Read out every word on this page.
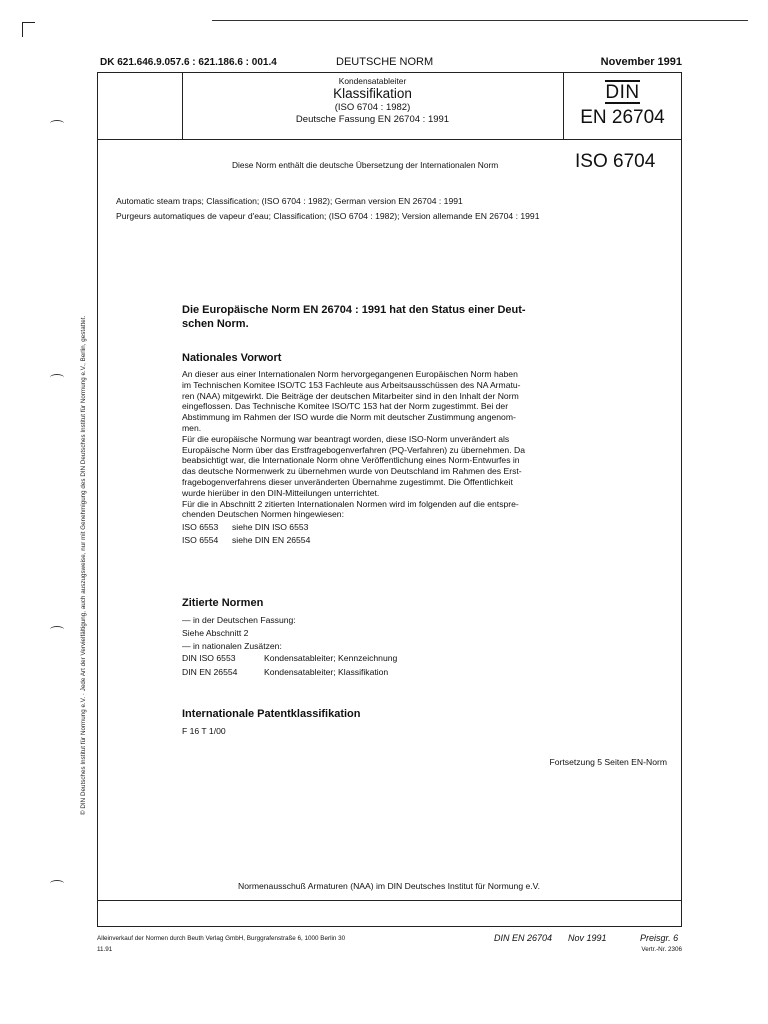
DK 621.646.9.057.6 : 621.186.6 : 001.4	DEUTSCHE NORM	November 1991
Kondensatableiter
Klassifikation
(ISO 6704 : 1982)
Deutsche Fassung EN 26704 : 1991
DIN
EN 26704
Diese Norm enthält die deutsche Übersetzung der Internationalen Norm	ISO 6704
Automatic steam traps; Classification; (ISO 6704 : 1982); German version EN 26704 : 1991
Purgeurs automatiques de vapeur d'eau; Classification; (ISO 6704 : 1982); Version allemande EN 26704 : 1991
Die Europäische Norm EN 26704 : 1991 hat den Status einer Deut-
schen Norm.
Nationales Vorwort
An dieser aus einer Internationalen Norm hervorgegangenen Europäischen Norm haben
im Technischen Komitee ISO/TC 153 Fachleute aus Arbeitsausschüssen des NA Armatu-
ren (NAA) mitgewirkt. Die Beiträge der deutschen Mitarbeiter sind in den Inhalt der Norm
eingeflossen. Das Technische Komitee ISO/TC 153 hat der Norm zugestimmt. Bei der
Abstimmung im Rahmen der ISO wurde die Norm mit deutscher Zustimmung angenom-
men.
Für die europäische Normung war beantragt worden, diese ISO-Norm unverändert als
Europäische Norm über das Erstfragebogenverfahren (PQ-Verfahren) zu übernehmen. Da
beabsichtigt war, die Internationale Norm ohne Veröffentlichung eines Norm-Entwurfes in
das deutsche Normenwerk zu übernehmen wurde von Deutschland im Rahmen des Erst-
fragebogenverfahrens dieser unveränderten Übernahme zugestimmt. Die Öffentlichkeit
wurde hierüber in den DIN-Mitteilungen unterrichtet.
Für die in Abschnitt 2 zitierten Internationalen Normen wird im folgenden auf die entspre-
chenden Deutschen Normen hingewiesen:
ISO 6553 siehe DIN ISO 6553
ISO 6554 siehe DIN EN 26554
Zitierte Normen
— in der Deutschen Fassung:
Siehe Abschnitt 2
— in nationalen Zusätzen:
DIN ISO 6553	Kondensatableiter; Kennzeichnung
DIN EN 26554	Kondensatableiter; Klassifikation
Internationale Patentklassifikation
F 16 T 1/00
Fortsetzung 5 Seiten EN-Norm
Normenausschuß Armaturen (NAA) im DIN Deutsches Institut für Normung e.V.
Alleinverkauf der Normen durch Beuth Verlag GmbH, Burggrafenstraße 6, 1000 Berlin 30
11.91
DIN EN 26704 Nov 1991	Preisgr. 6
Vertr.-Nr. 2306
© DIN Deutsches Institut für Normung e.V. · Jede Art der Vervielfältigung, auch auszugsweise, nur mit Genehmigung des DIN Deutsches Institut für Normung e.V., Berlin, gestattet.
